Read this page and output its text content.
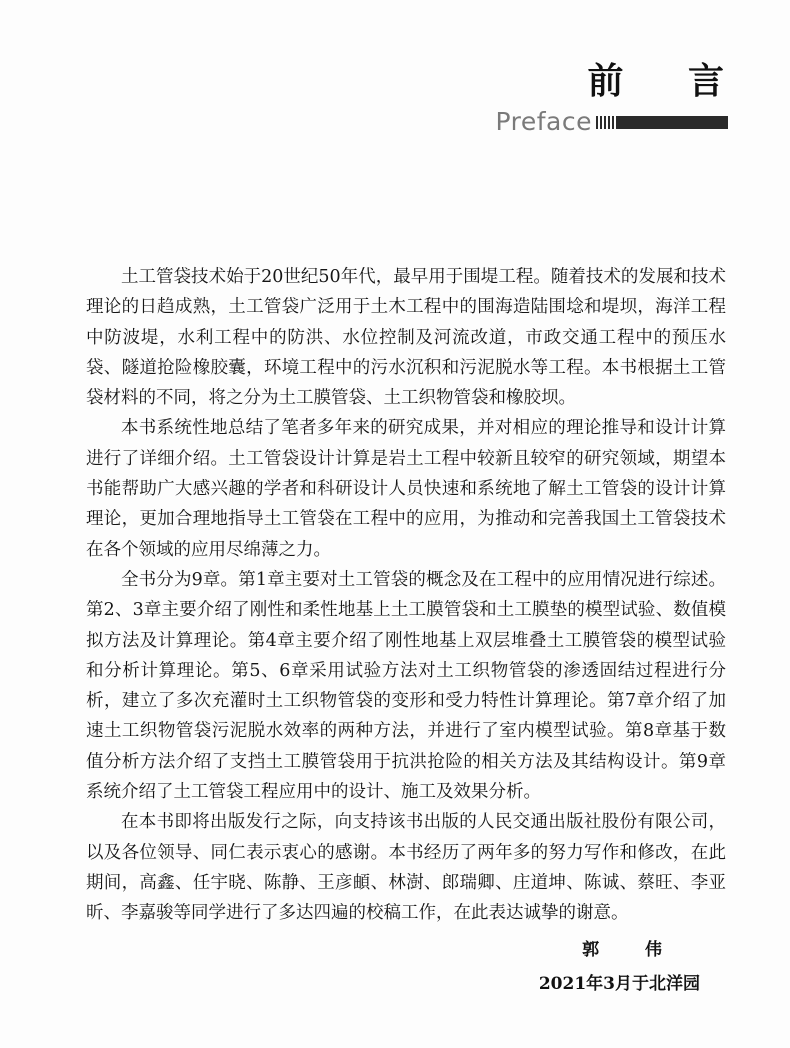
前 言
Preface

土工管袋技术始于20世纪50年代，最早用于围堤工程。随着技术的发展和技术理论的日趋成熟，土工管袋广泛用于土木工程中的围海造陆围埝和堤坝，海洋工程中防波堤，水利工程中的防洪、水位控制及河流改道，市政交通工程中的预压水袋、隧道抢险橡胶囊，环境工程中的污水沉积和污泥脱水等工程。本书根据土工管袋材料的不同，将之分为土工膜管袋、土工织物管袋和橡胶坝。

本书系统性地总结了笔者多年来的研究成果，并对相应的理论推导和设计计算进行了详细介绍。土工管袋设计计算是岩土工程中较新且较窄的研究领域，期望本书能帮助广大感兴趣的学者和科研设计人员快速和系统地了解土工管袋的设计计算理论，更加合理地指导土工管袋在工程中的应用，为推动和完善我国土工管袋技术在各个领域的应用尽绵薄之力。

全书分为9章。第1章主要对土工管袋的概念及在工程中的应用情况进行综述。第2、3章主要介绍了刚性和柔性地基上土工膜管袋和土工膜垫的模型试验、数值模拟方法及计算理论。第4章主要介绍了刚性地基上双层堆叠土工膜管袋的模型试验和分析计算理论。第5、6章采用试验方法对土工织物管袋的渗透固结过程进行分析，建立了多次充灌时土工织物管袋的变形和受力特性计算理论。第7章介绍了加速土工织物管袋污泥脱水效率的两种方法，并进行了室内模型试验。第8章基于数值分析方法介绍了支挡土工膜管袋用于抗洪抢险的相关方法及其结构设计。第9章系统介绍了土工管袋工程应用中的设计、施工及效果分析。

在本书即将出版发行之际，向支持该书出版的人民交通出版社股份有限公司，以及各位领导、同仁表示衷心的感谢。本书经历了两年多的努力写作和修改，在此期间，高鑫、任宇晓、陈静、王彦頔、林澍、郎瑞卿、庄道坤、陈诚、蔡旺、李亚昕、李嘉骏等同学进行了多达四遍的校稿工作，在此表达诚挚的谢意。

郭 伟
2021年3月于北洋园
